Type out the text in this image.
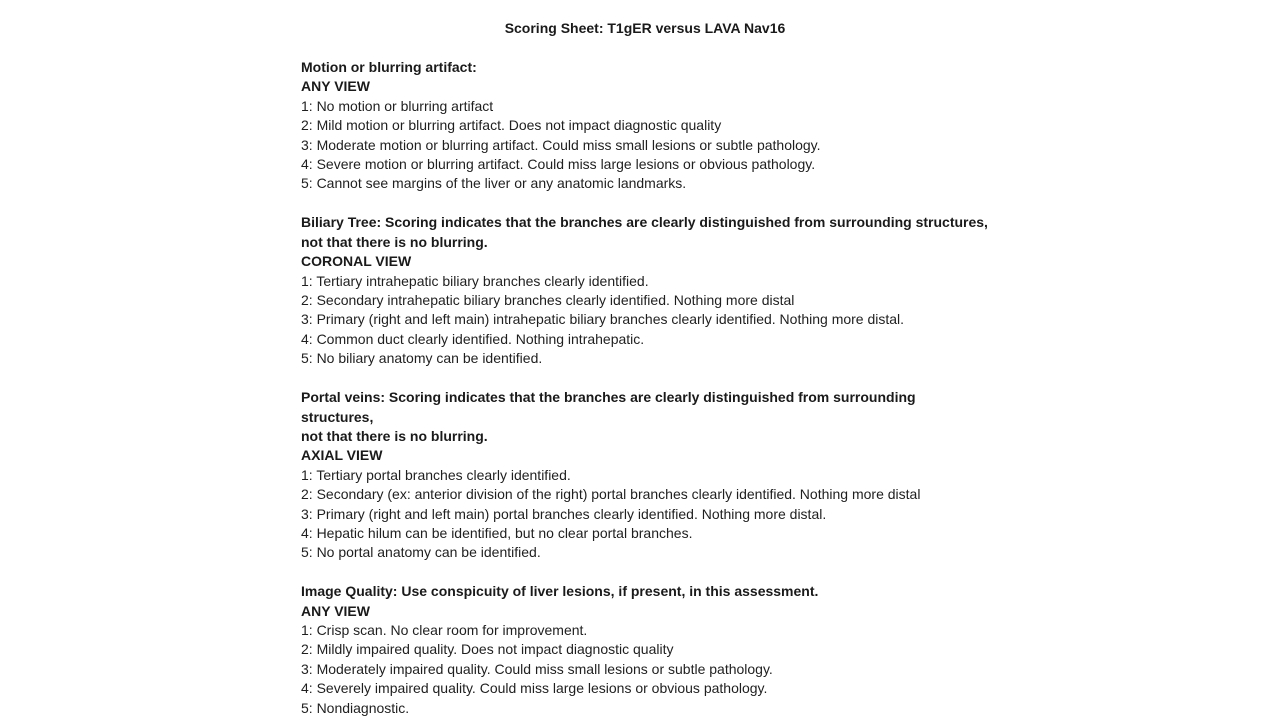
Scoring Sheet: T1gER versus LAVA Nav16

Motion or blurring artifact:

ANY VIEW

1: No motion or blurring artifact

2: Mild motion or blurring artifact. Does not impact diagnostic quality

3: Moderate motion or blurring artifact. Could miss small lesions or subtle pathology.

4: Severe motion or blurring artifact. Could miss large lesions or obvious pathology.

5: Cannot see margins of the liver or any anatomic landmarks.

Biliary Tree: Scoring indicates that the branches are clearly distinguished from surrounding structures,

not that there is no blurring.

CORONAL VIEW

1: Tertiary intrahepatic biliary branches clearly identified.

2: Secondary intrahepatic biliary branches clearly identified. Nothing more distal

3: Primary (right and left main) intrahepatic biliary branches clearly identified. Nothing more distal.

4: Common duct clearly identified. Nothing intrahepatic.

5: No biliary anatomy can be identified.

Portal veins: Scoring indicates that the branches are clearly distinguished from surrounding structures,

not that there is no blurring.

AXIAL VIEW

1: Tertiary portal branches clearly identified.

2: Secondary (ex: anterior division of the right) portal branches clearly identified. Nothing more distal

3: Primary (right and left main) portal branches clearly identified. Nothing more distal.

4: Hepatic hilum can be identified, but no clear portal branches.

5: No portal anatomy can be identified.

Image Quality: Use conspicuity of liver lesions, if present, in this assessment.

ANY VIEW

1: Crisp scan. No clear room for improvement.

2: Mildly impaired quality. Does not impact diagnostic quality

3: Moderately impaired quality. Could miss small lesions or subtle pathology.

4: Severely impaired quality. Could miss large lesions or obvious pathology.

5: Nondiagnostic.
